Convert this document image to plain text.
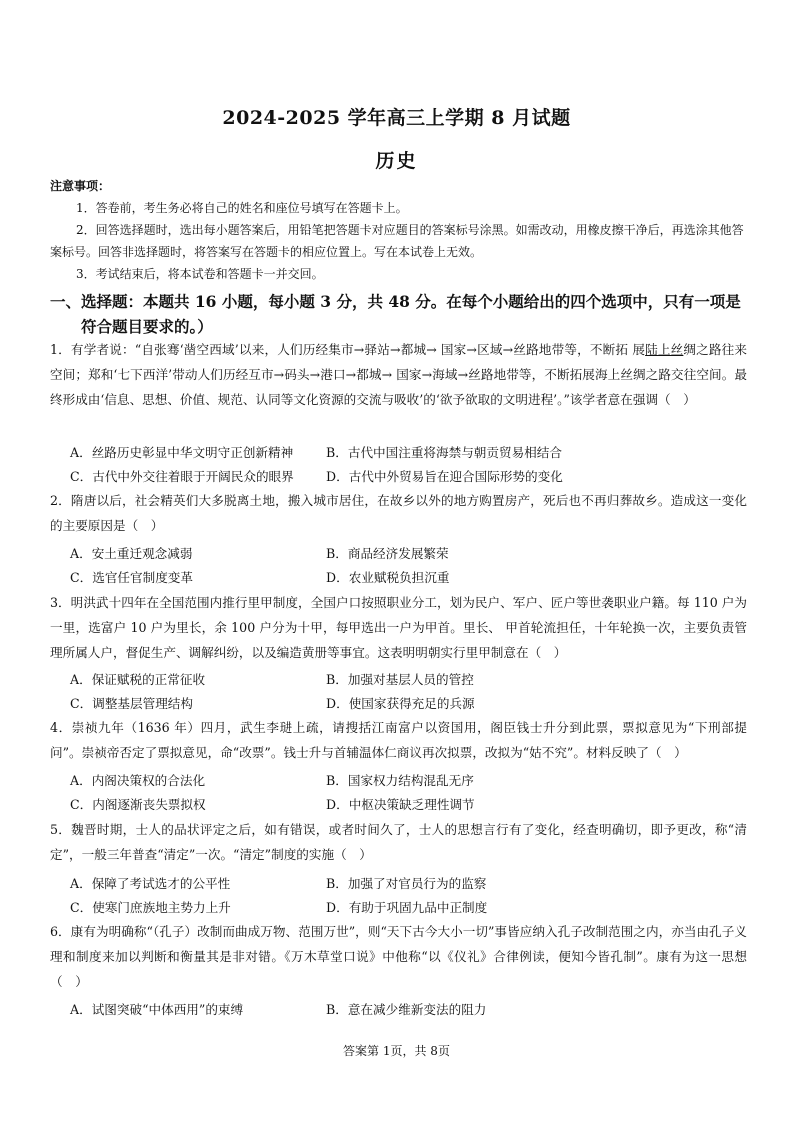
2024-2025 学年高三上学期 8 月试题
历史
注意事项：

1．答卷前，考生务必将自己的姓名和座位号填写在答题卡上。

2．回答选择题时，选出每小题答案后，用铅笔把答题卡对应题目的答案标号涂黑。如需改动，用橡皮擦干净后，再选涂其他答案标号。回答非选择题时，将答案写在答题卡的相应位置上。写在本试卷上无效。

3．考试结束后，将本试卷和答题卡一并交回。

一、选择题：本题共 16 小题，每小题 3 分，共 48 分。在每个小题给出的四个选项中，只有一项是
符合题目要求的。）

1．有学者说：“自张骞‘凿空西域’以来，人们历经集市→驿站→都城→ 国家→区域→丝路地带等，不断拓 展陆上丝绸之路往来空间；郑和‘七下西洋’带动人们历经互市→码头→港口→都城→ 国家→海域→丝路地带等，不断拓展海上丝绸之路交往空间。最终形成由‘信息、思想、价值、规范、认同等文化资源的交流与吸收’的‘欲予欲取的文明进程’。”该学者意在强调（　）

A．丝路历史彰显中华文明守正创新精神	B．古代中国注重将海禁与朝贡贸易相结合
C．古代中外交往着眼于开阔民众的眼界	D．古代中外贸易旨在迎合国际形势的变化

2．隋唐以后，社会精英们大多脱离土地，搬入城市居住，在故乡以外的地方购置房产，死后也不再归葬故乡。造成这一变化的主要原因是（　）

A．安土重迁观念减弱	B．商品经济发展繁荣
C．选官任官制度变革	D．农业赋税负担沉重

3．明洪武十四年在全国范围内推行里甲制度，全国户口按照职业分工，划为民户、军户、匠户等世袭职业户籍。每 110 户为一里，选富户 10 户为里长，余 100 户分为十甲，每甲选出一户为甲首。里长、 甲首轮流担任，十年轮换一次，主要负责管理所属人户，督促生产、调解纠纷，以及编造黄册等事宜。这表明明朝实行里甲制意在（　）

A．保证赋税的正常征收	B．加强对基层人员的管控
C．调整基层管理结构	D．使国家获得充足的兵源

4．崇祯九年（1636 年）四月，武生李琎上疏，请搜括江南富户以资国用，阁臣钱士升分到此票，票拟意见为“下刑部提问”。崇祯帝否定了票拟意见，命“改票”。钱士升与首辅温体仁商议再次拟票，改拟为“姑不究”。材料反映了（　）

A．内阁决策权的合法化	B．国家权力结构混乱无序
C．内阁逐渐丧失票拟权	D．中枢决策缺乏理性调节

5．魏晋时期，士人的品状评定之后，如有错误，或者时间久了，士人的思想言行有了变化，经查明确切，即予更改，称“清定”，一般三年普查“清定”一次。“清定”制度的实施（　）

A．保障了考试选才的公平性	B．加强了对官员行为的监察
C．使寒门庶族地主势力上升	D．有助于巩固九品中正制度

6．康有为明确称“（孔子）改制而曲成万物、范围万世”，则“天下古今大小一切”事皆应纳入孔子改制范围之内，亦当由孔子义理和制度来加以判断和衡量其是非对错。《万木草堂口说》中他称“以《仪礼》合律例读，便知今皆孔制”。康有为这一思想（　）

A．试图突破“中体西用”的束缚	B．意在减少维新变法的阻力
答案第 1页，共 8页
